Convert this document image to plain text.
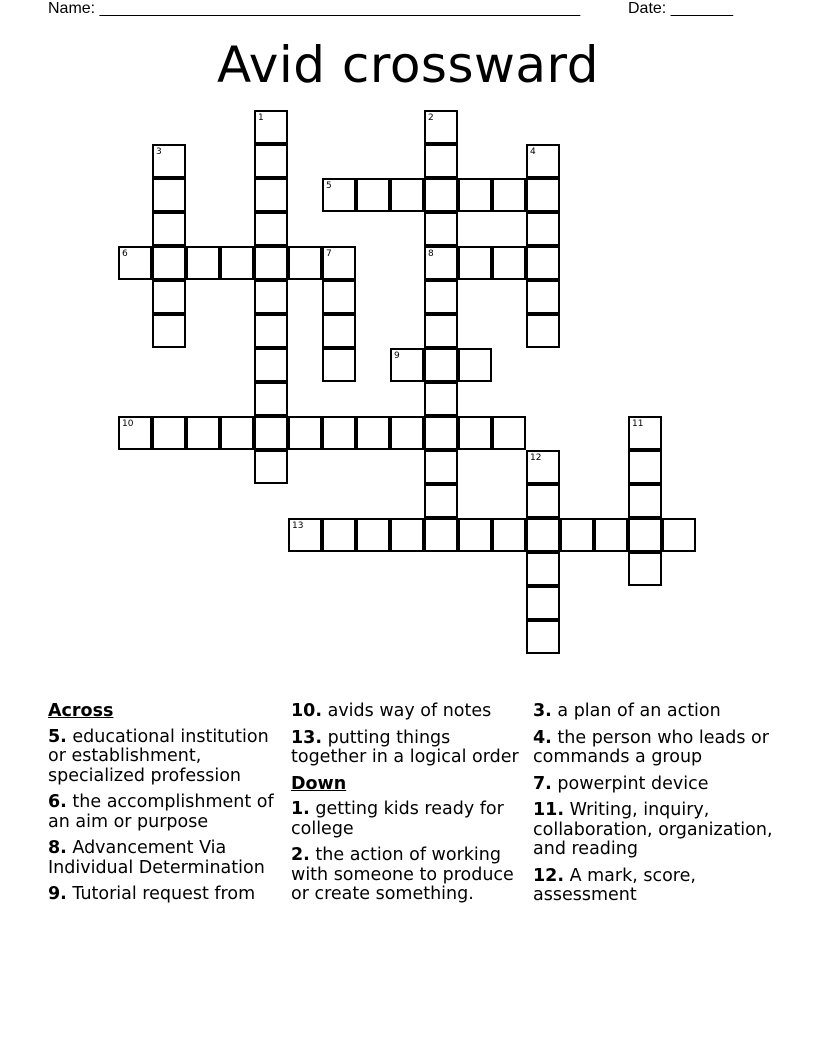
Name: ______________________________________________________	Date: _______
Avid crossward
1	2
8
3	4
5
6	7
9
10	11
12
13
Across
5. educational institution or establishment, specialized profession
6. the accomplishment of an aim or purpose
8. Advancement Via Individual Determination
9. Tutorial request from
10. avids way of notes
13. putting things together in a logical order
Down
1. getting kids ready for college
2. the action of working with someone to produce or create something.
3. a plan of an action
4. the person who leads or commands a group
7. powerpint device
11. Writing, inquiry, collaboration, organization, and reading
12. A mark, score, assessment
